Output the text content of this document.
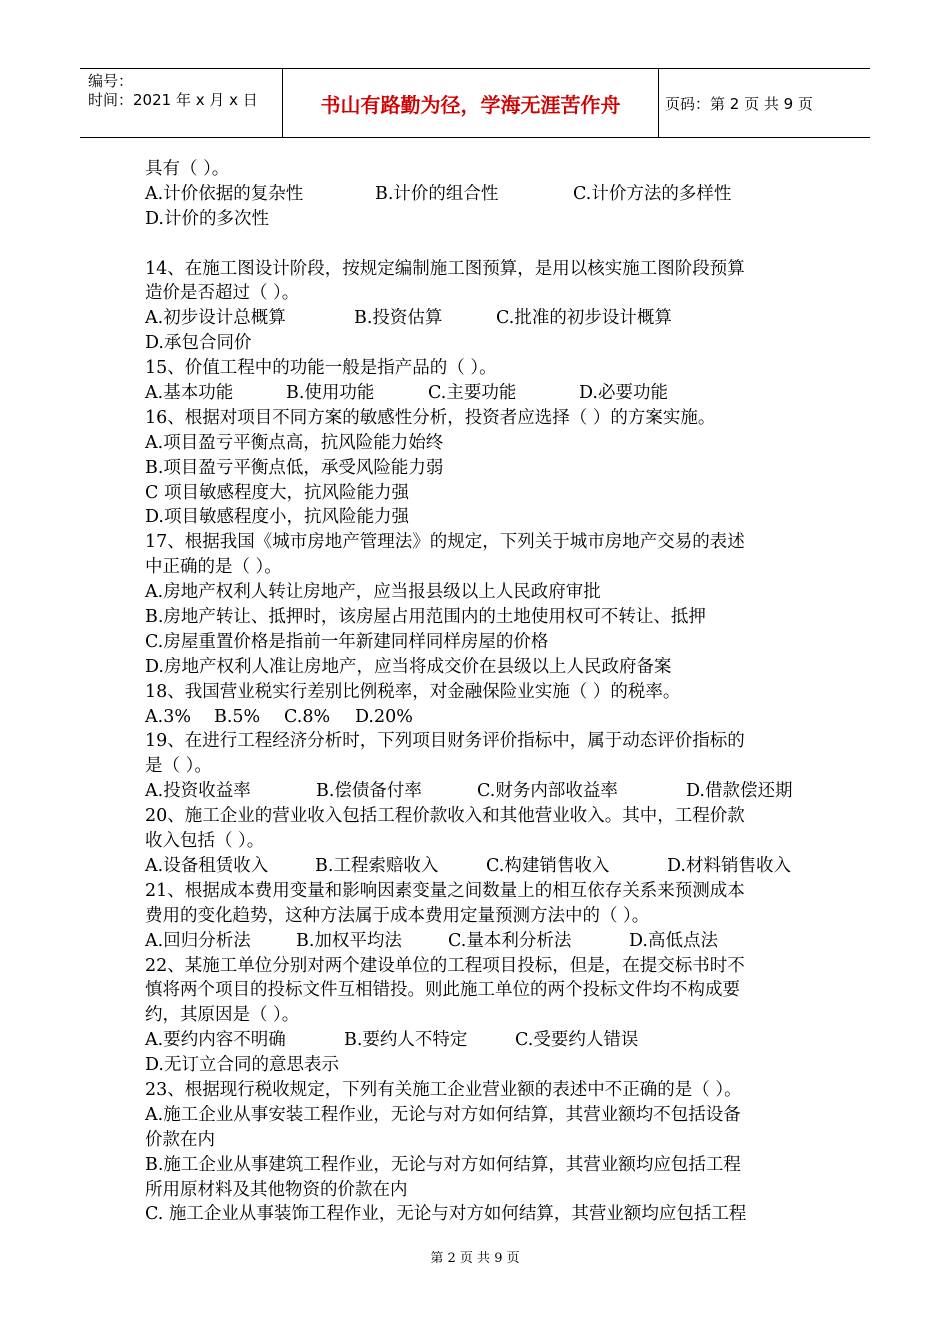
编号：
时间：2021 年 x 月 x 日	书山有路勤为径，学海无涯苦作舟	页码：第 2 页 共 9 页
具有（ ）。
A.计价依据的复杂性	B.计价的组合性	C.计价方法的多样性
D.计价的多次性
14、在施工图设计阶段，按规定编制施工图预算，是用以核实施工图阶段预算
造价是否超过（ ）。
A.初步设计总概算	B.投资估算	C.批准的初步设计概算
D.承包合同价
15、价值工程中的功能一般是指产品的（ ）。
A.基本功能	B.使用功能	C.主要功能	D.必要功能
16、根据对项目不同方案的敏感性分析，投资者应选择（ ）的方案实施。
A.项目盈亏平衡点高，抗风险能力始终
B.项目盈亏平衡点低，承受风险能力弱
C 项目敏感程度大，抗风险能力强
D.项目敏感程度小，抗风险能力强
17、根据我国《城市房地产管理法》的规定，下列关于城市房地产交易的表述
中正确的是（ ）。
A.房地产权利人转让房地产，应当报县级以上人民政府审批
B.房地产转让、抵押时，该房屋占用范围内的土地使用权可不转让、抵押
C.房屋重置价格是指前一年新建同样同样房屋的价格
D.房地产权利人准让房地产，应当将成交价在县级以上人民政府备案
18、我国营业税实行差别比例税率，对金融保险业实施（ ）的税率。
A.3%	B.5%	C.8%	D.20%
19、在进行工程经济分析时，下列项目财务评价指标中，属于动态评价指标的
是（ ）。
A.投资收益率	B.偿债备付率	C.财务内部收益率	D.借款偿还期
20、施工企业的营业收入包括工程价款收入和其他营业收入。其中，工程价款
收入包括（ ）。
A.设备租赁收入	B.工程索赔收入	C.构建销售收入	D.材料销售收入
21、根据成本费用变量和影响因素变量之间数量上的相互依存关系来预测成本
费用的变化趋势，这种方法属于成本费用定量预测方法中的（ ）。
A.回归分析法	B.加权平均法	C.量本利分析法	D.高低点法
22、某施工单位分别对两个建设单位的工程项目投标，但是，在提交标书时不
慎将两个项目的投标文件互相错投。则此施工单位的两个投标文件均不构成要
约，其原因是（ ）。
A.要约内容不明确	B.要约人不特定	C.受要约人错误
D.无订立合同的意思表示
23、根据现行税收规定，下列有关施工企业营业额的表述中不正确的是（ ）。
A.施工企业从事安装工程作业，无论与对方如何结算，其营业额均不包括设备
价款在内
B.施工企业从事建筑工程作业，无论与对方如何结算，其营业额均应包括工程
所用原材料及其他物资的价款在内
C. 施工企业从事装饰工程作业，无论与对方如何结算，其营业额均应包括工程
第 2 页 共 9 页
